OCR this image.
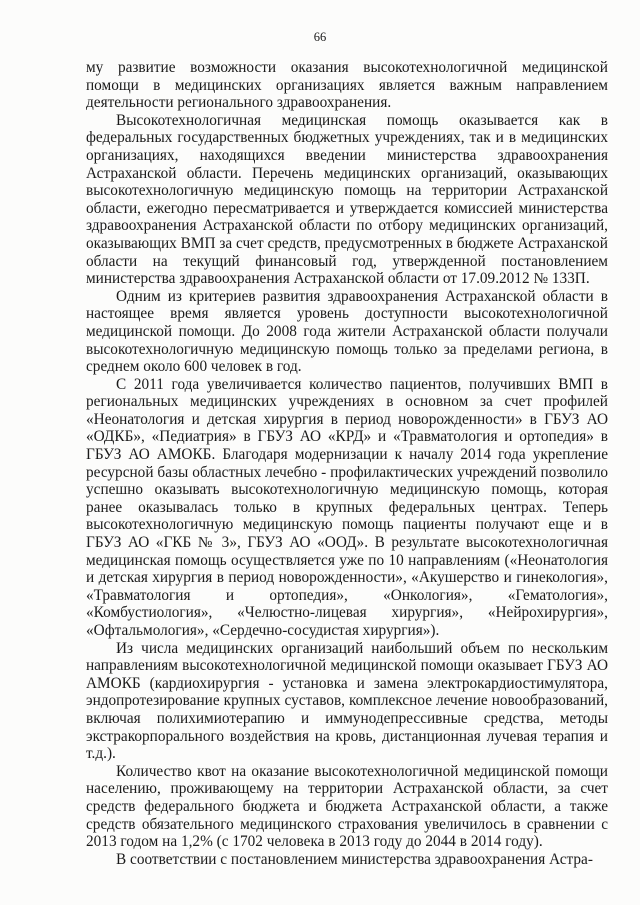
66

му развитие возможности оказания высокотехнологичной медицинской помощи в медицинских организациях является важным направлением деятельности регионального здравоохранения.

Высокотехнологичная медицинская помощь оказывается как в федеральных государственных бюджетных учреждениях, так и в медицинских организациях, находящихся введении министерства здравоохранения Астраханской области. Перечень медицинских организаций, оказывающих высокотехнологичную медицинскую помощь на территории Астраханской области, ежегодно пересматривается и утверждается комиссией министерства здравоохранения Астраханской области по отбору медицинских организаций, оказывающих ВМП за счет средств, предусмотренных в бюджете Астраханской области на текущий финансовый год, утвержденной постановлением министерства здравоохранения Астраханской области от 17.09.2012 № 133П.

Одним из критериев развития здравоохранения Астраханской области в настоящее время является уровень доступности высокотехнологичной медицинской помощи. До 2008 года жители Астраханской области получали высокотехнологичную медицинскую помощь только за пределами региона, в среднем около 600 человек в год.

С 2011 года увеличивается количество пациентов, получивших ВМП в региональных медицинских учреждениях в основном за счет профилей «Неонатология и детская хирургия в период новорожденности» в ГБУЗ АО «ОДКБ», «Педиатрия» в ГБУЗ АО «КРД» и «Травматология и ортопедия» в ГБУЗ АО АМОКБ. Благодаря модернизации к началу 2014 года укрепление ресурсной базы областных лечебно - профилактических учреждений позволило успешно оказывать высокотехнологичную медицинскую помощь, которая ранее оказывалась только в крупных федеральных центрах. Теперь высокотехнологичную медицинскую помощь пациенты получают еще и в ГБУЗ АО «ГКБ № 3», ГБУЗ АО «ООД». В результате высокотехнологичная медицинская помощь осуществляется уже по 10 направлениям («Неонатология и детская хирургия в период новорожденности», «Акушерство и гинекология», «Травматология и ортопедия», «Онкология», «Гематология», «Комбустиология», «Челюстно-лицевая хирургия», «Нейрохирургия», «Офтальмология», «Сердечно-сосудистая хирургия»).

Из числа медицинских организаций наибольший объем по нескольким направлениям высокотехнологичной медицинской помощи оказывает ГБУЗ АО АМОКБ (кардиохирургия - установка и замена электрокардиостимулятора, эндопротезирование крупных суставов, комплексное лечение новообразований, включая полихимиотерапию и иммунодепрессивные средства, методы экстракорпорального воздействия на кровь, дистанционная лучевая терапия и т.д.).

Количество квот на оказание высокотехнологичной медицинской помощи населению, проживающему на территории Астраханской области, за счет средств федерального бюджета и бюджета Астраханской области, а также средств обязательного медицинского страхования увеличилось в сравнении с 2013 годом на 1,2% (с 1702 человека в 2013 году до 2044 в 2014 году).

В соответствии с постановлением министерства здравоохранения Астра-
